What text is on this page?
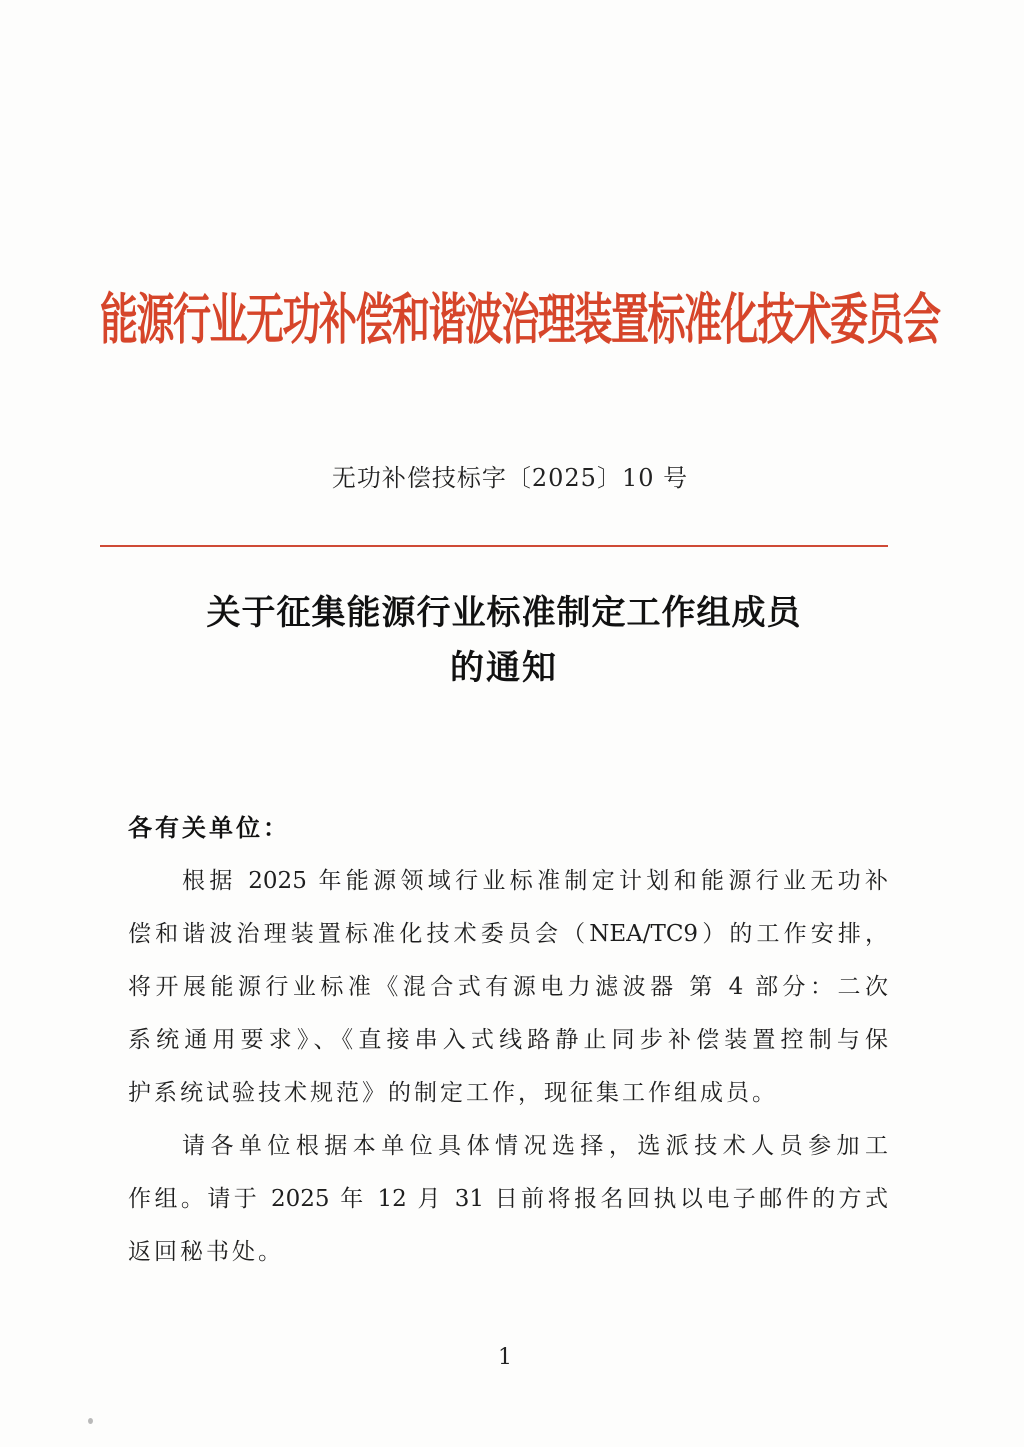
能源行业无功补偿和谐波治理装置标准化技术委员会
无功补偿技标字〔2025〕10 号
关于征集能源行业标准制定工作组成员
的通知
各有关单位：
根据 2025 年能源领域行业标准制定计划和能源行业无功补
偿和谐波治理装置标准化技术委员会（NEA/TC9）的工作安排，
将开展能源行业标准《混合式有源电力滤波器 第 4 部分：二次
系统通用要求》、《直接串入式线路静止同步补偿装置控制与保
护系统试验技术规范》的制定工作，现征集工作组成员。
请各单位根据本单位具体情况选择，选派技术人员参加工
作组。请于 2025 年 12 月 31 日前将报名回执以电子邮件的方式
返回秘书处。
1
